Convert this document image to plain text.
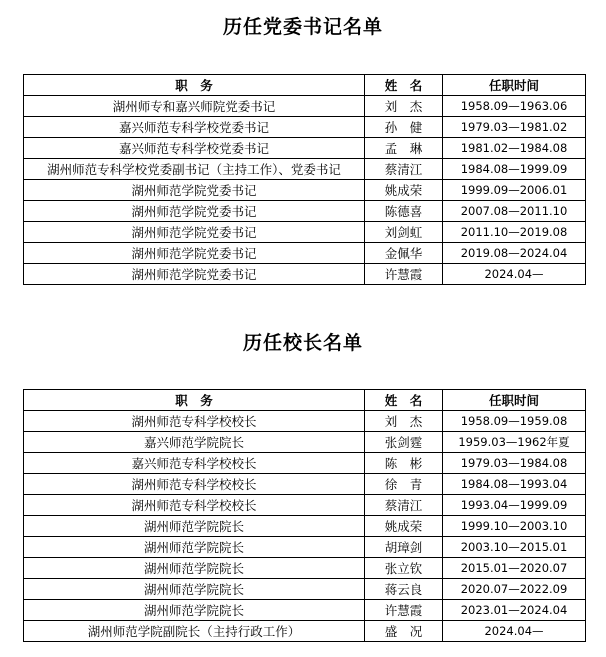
历任党委书记名单
职　务	姓　名	任职时间
湖州师专和嘉兴师院党委书记	刘　杰	1958.09—1963.06
嘉兴师范专科学校党委书记	孙　健	1979.03—1981.02
嘉兴师范专科学校党委书记	孟　琳	1981.02—1984.08
湖州师范专科学校党委副书记（主持工作）、党委书记	蔡清江	1984.08—1999.09
湖州师范学院党委书记	姚成荣	1999.09—2006.01
湖州师范学院党委书记	陈德喜	2007.08—2011.10
湖州师范学院党委书记	刘剑虹	2011.10—2019.08
湖州师范学院党委书记	金佩华	2019.08—2024.04
湖州师范学院党委书记	许慧霞	2024.04—
历任校长名单
职　务	姓　名	任职时间
湖州师范专科学校校长	刘　杰	1958.09—1959.08
嘉兴师范学院院长	张剑霆	1959.03—1962年夏
嘉兴师范专科学校校长	陈　彬	1979.03—1984.08
湖州师范专科学校校长	徐　青	1984.08—1993.04
湖州师范专科学校校长	蔡清江	1993.04—1999.09
湖州师范学院院长	姚成荣	1999.10—2003.10
湖州师范学院院长	胡璋剑	2003.10—2015.01
湖州师范学院院长	张立钦	2015.01—2020.07
湖州师范学院院长	蒋云良	2020.07—2022.09
湖州师范学院院长	许慧霞	2023.01—2024.04
湖州师范学院副院长（主持行政工作）	盛　况	2024.04—
